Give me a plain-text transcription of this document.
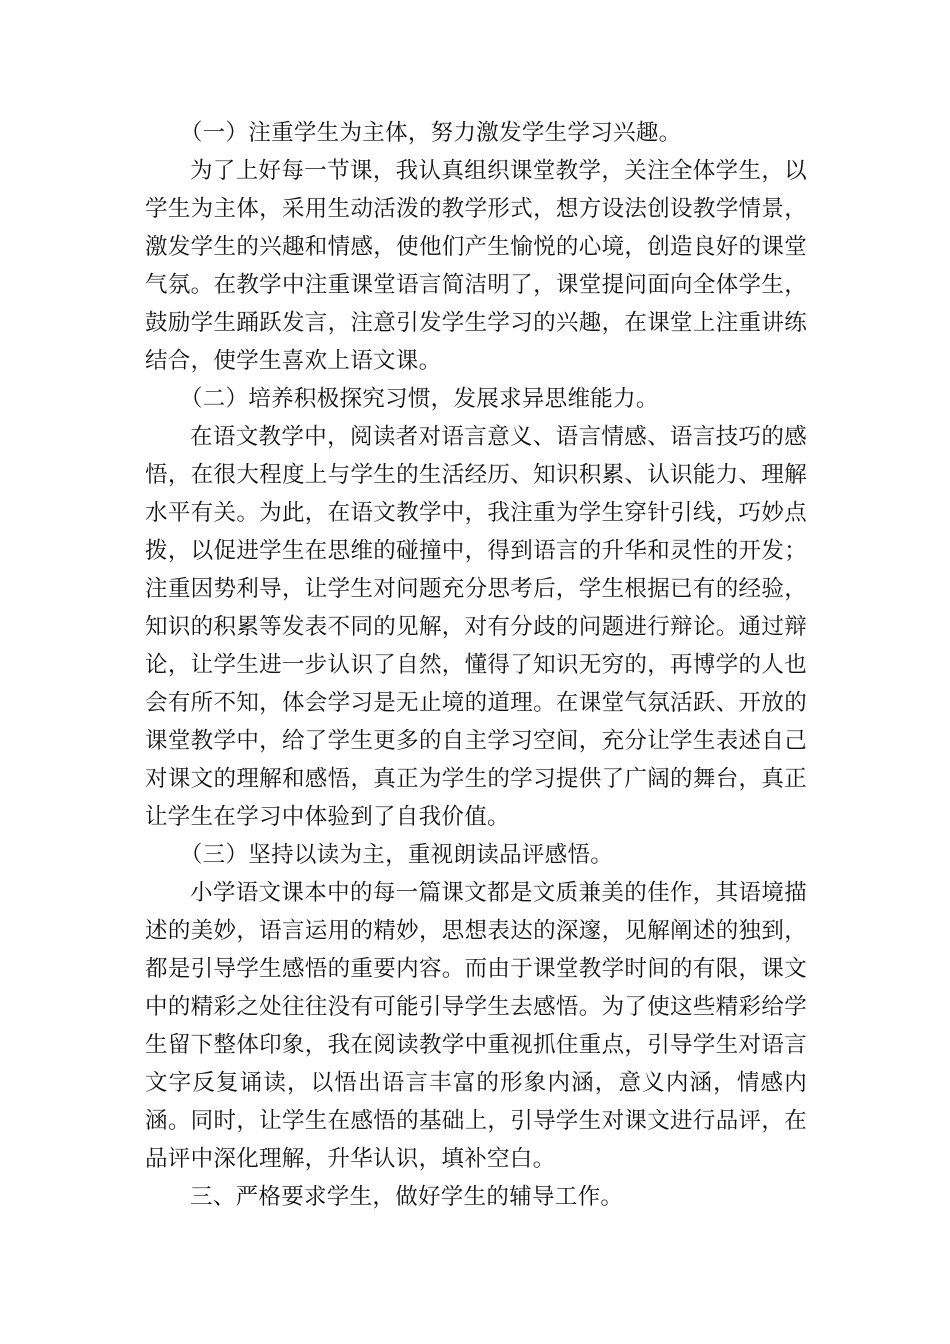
（一）注重学生为主体，努力激发学生学习兴趣。

为了上好每一节课，我认真组织课堂教学，关注全体学生，以学生为主体，采用生动活泼的教学形式，想方设法创设教学情景，激发学生的兴趣和情感，使他们产生愉悦的心境，创造良好的课堂气氛。在教学中注重课堂语言简洁明了，课堂提问面向全体学生，鼓励学生踊跃发言，注意引发学生学习的兴趣，在课堂上注重讲练结合，使学生喜欢上语文课。

（二）培养积极探究习惯，发展求异思维能力。

在语文教学中，阅读者对语言意义、语言情感、语言技巧的感悟，在很大程度上与学生的生活经历、知识积累、认识能力、理解水平有关。为此，在语文教学中，我注重为学生穿针引线，巧妙点拨，以促进学生在思维的碰撞中，得到语言的升华和灵性的开发；注重因势利导，让学生对问题充分思考后，学生根据已有的经验，知识的积累等发表不同的见解，对有分歧的问题进行辩论。通过辩论，让学生进一步认识了自然，懂得了知识无穷的，再博学的人也会有所不知，体会学习是无止境的道理。在课堂气氛活跃、开放的课堂教学中，给了学生更多的自主学习空间，充分让学生表述自己对课文的理解和感悟，真正为学生的学习提供了广阔的舞台，真正让学生在学习中体验到了自我价值。

（三）坚持以读为主，重视朗读品评感悟。

小学语文课本中的每一篇课文都是文质兼美的佳作，其语境描述的美妙，语言运用的精妙，思想表达的深邃，见解阐述的独到，都是引导学生感悟的重要内容。而由于课堂教学时间的有限，课文中的精彩之处往往没有可能引导学生去感悟。为了使这些精彩给学生留下整体印象，我在阅读教学中重视抓住重点，引导学生对语言文字反复诵读，以悟出语言丰富的形象内涵，意义内涵，情感内涵。同时，让学生在感悟的基础上，引导学生对课文进行品评，在品评中深化理解，升华认识，填补空白。

三、严格要求学生，做好学生的辅导工作。
